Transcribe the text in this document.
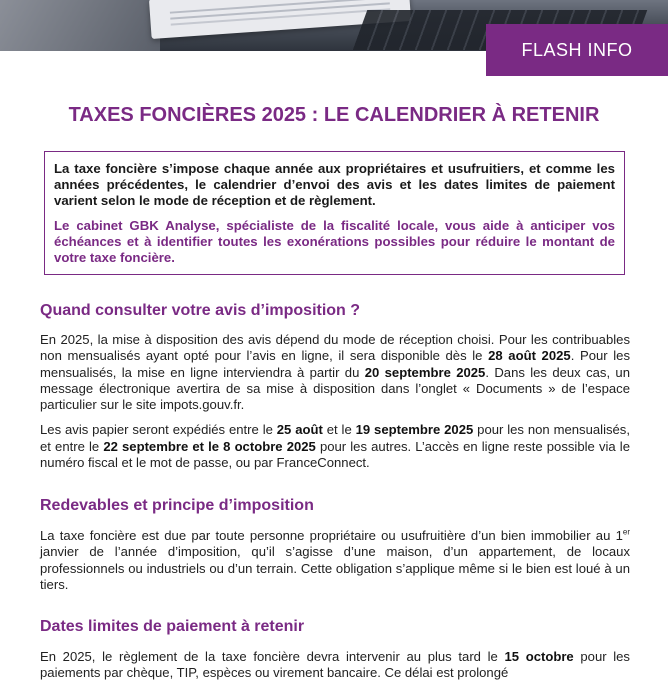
FLASH INFO
TAXES FONCIÈRES 2025 : LE CALENDRIER À RETENIR

La taxe foncière s’impose chaque année aux propriétaires et usufruitiers, et comme les années précédentes, le calendrier d’envoi des avis et les dates limites de paiement varient selon le mode de réception et de règlement.

Le cabinet GBK Analyse, spécialiste de la fiscalité locale, vous aide à anticiper vos échéances et à identifier toutes les exonérations possibles pour réduire le montant de votre taxe foncière.

Quand consulter votre avis d’imposition ?

En 2025, la mise à disposition des avis dépend du mode de réception choisi. Pour les contribuables non mensualisés ayant opté pour l’avis en ligne, il sera disponible dès le 28 août 2025. Pour les mensualisés, la mise en ligne interviendra à partir du 20 septembre 2025. Dans les deux cas, un message électronique avertira de sa mise à disposition dans l’onglet « Documents » de l’espace particulier sur le site impots.gouv.fr.

Les avis papier seront expédiés entre le 25 août et le 19 septembre 2025 pour les non mensualisés, et entre le 22 septembre et le 8 octobre 2025 pour les autres. L’accès en ligne reste possible via le numéro fiscal et le mot de passe, ou par FranceConnect.

Redevables et principe d’imposition

La taxe foncière est due par toute personne propriétaire ou usufruitière d’un bien immobilier au 1er janvier de l’année d’imposition, qu’il s’agisse d’une maison, d’un appartement, de locaux professionnels ou industriels ou d’un terrain. Cette obligation s’applique même si le bien est loué à un tiers.

Dates limites de paiement à retenir

En 2025, le règlement de la taxe foncière devra intervenir au plus tard le 15 octobre pour les paiements par chèque, TIP, espèces ou virement bancaire. Ce délai est prolongé
